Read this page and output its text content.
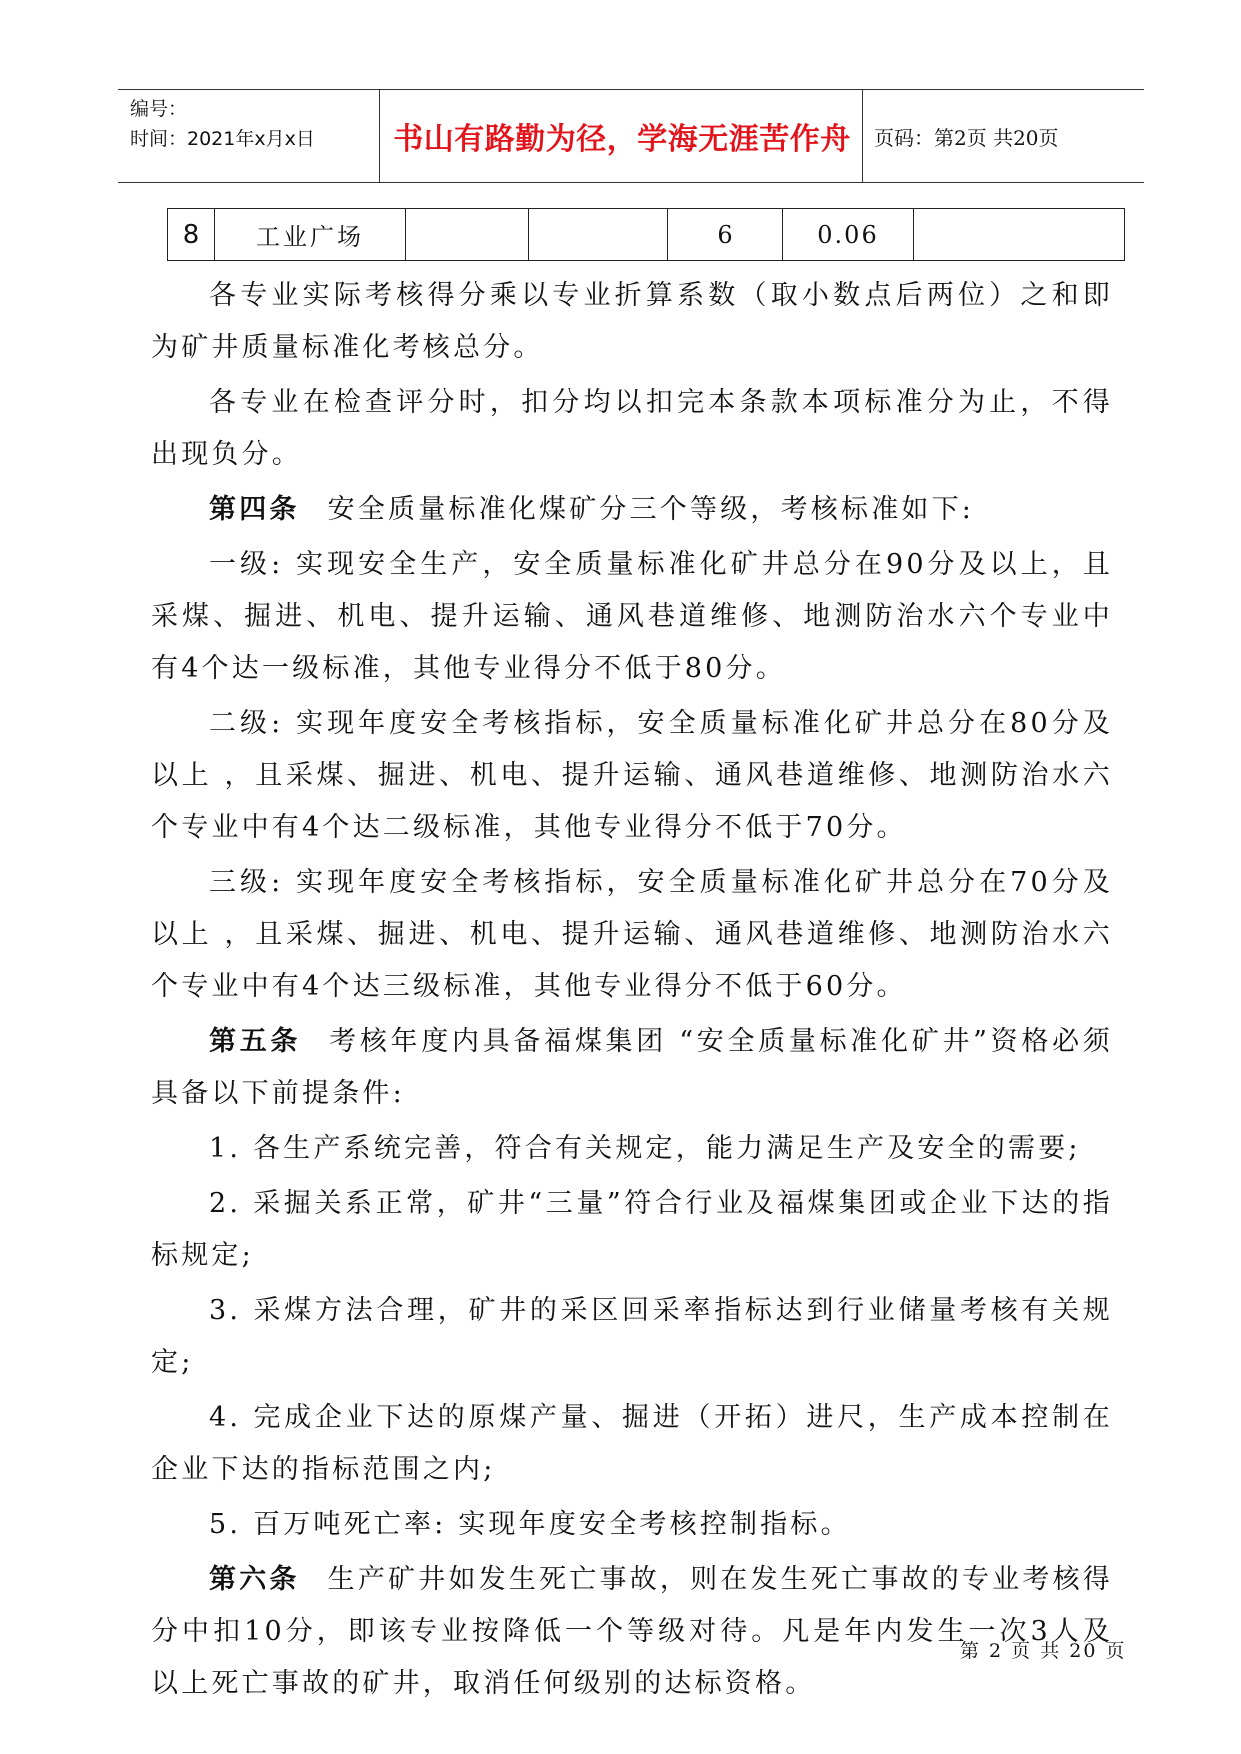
编号：
时间：2021年x月x日	书山有路勤为径，学海无涯苦作舟	页码：第2页 共20页
8	工业广场			6	0.06	

各专业实际考核得分乘以专业折算系数（取小数点后两位）之和即为矿井质量标准化考核总分。

各专业在检查评分时，扣分均以扣完本条款本项标准分为止，不得出现负分。

第四条 安全质量标准化煤矿分三个等级，考核标准如下:

一级: 实现安全生产，安全质量标准化矿井总分在90分及以上，且采煤、掘进、机电、提升运输、通风巷道维修、地测防治水六个专业中有4个达一级标准，其他专业得分不低于80分。

二级: 实现年度安全考核指标，安全质量标准化矿井总分在80分及以上 ，且采煤、掘进、机电、提升运输、通风巷道维修、地测防治水六个专业中有4个达二级标准，其他专业得分不低于70分。

三级: 实现年度安全考核指标，安全质量标准化矿井总分在70分及以上 ，且采煤、掘进、机电、提升运输、通风巷道维修、地测防治水六个专业中有4个达三级标准，其他专业得分不低于60分。

第五条 考核年度内具备福煤集团 “安全质量标准化矿井”资格必须具备以下前提条件:

1. 各生产系统完善，符合有关规定，能力满足生产及安全的需要;

2. 采掘关系正常，矿井“三量”符合行业及福煤集团或企业下达的指标规定;

3. 采煤方法合理，矿井的采区回采率指标达到行业储量考核有关规定;

4. 完成企业下达的原煤产量、掘进（开拓）进尺，生产成本控制在企业下达的指标范围之内;

5. 百万吨死亡率: 实现年度安全考核控制指标。

第六条 生产矿井如发生死亡事故，则在发生死亡事故的专业考核得分中扣10分，即该专业按降低一个等级对待。凡是年内发生一次3人及以上死亡事故的矿井，取消任何级别的达标资格。

第 2 页 共 20 页
